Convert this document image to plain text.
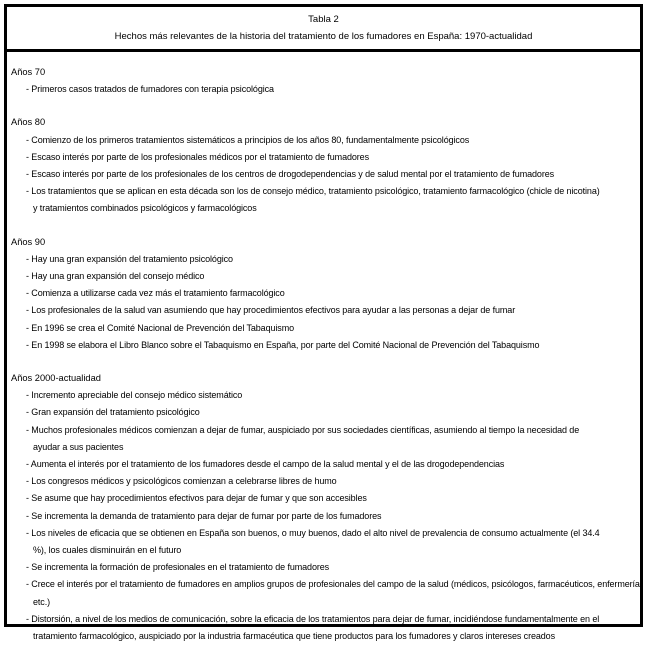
Tabla 2
Hechos más relevantes de la historia del tratamiento de los fumadores en España: 1970-actualidad
Años 70
- Primeros casos tratados de fumadores con terapia psicológica
Años 80
- Comienzo de los primeros tratamientos sistemáticos a principios de los años 80, fundamentalmente psicológicos
- Escaso interés por parte de los profesionales médicos por el tratamiento de fumadores
- Escaso interés por parte de los profesionales de los centros de drogodependencias y de salud mental por el tratamiento de fumadores
- Los tratamientos que se aplican en esta década son los de consejo médico, tratamiento psicológico, tratamiento farmacológico (chicle de nicotina) y tratamientos combinados psicológicos y farmacológicos
Años 90
- Hay una gran expansión del tratamiento psicológico
- Hay una gran expansión del consejo médico
- Comienza a utilizarse cada vez más el tratamiento farmacológico
- Los profesionales de la salud van asumiendo que hay procedimientos efectivos para ayudar a las personas a dejar de fumar
- En 1996 se crea el Comité Nacional de Prevención del Tabaquismo
- En 1998 se elabora el Libro Blanco sobre el Tabaquismo en España, por parte del Comité Nacional de Prevención del Tabaquismo
Años 2000-actualidad
- Incremento apreciable del consejo médico sistemático
- Gran expansión del tratamiento psicológico
- Muchos profesionales médicos comienzan a dejar de fumar, auspiciado por sus sociedades científicas, asumiendo al tiempo la necesidad de ayudar a sus pacientes
- Aumenta el interés por el tratamiento de los fumadores desde el campo de la salud mental y el de las drogodependencias
- Los congresos médicos y psicológicos comienzan a celebrarse libres de humo
- Se asume que hay procedimientos efectivos para dejar de fumar y que son accesibles
- Se incrementa la demanda de tratamiento para dejar de fumar por parte de los fumadores
- Los niveles de eficacia que se obtienen en España son buenos, o muy buenos, dado el alto nivel de prevalencia de consumo actualmente (el 34.4 %), los cuales disminuirán en el futuro
- Se incrementa la formación de profesionales en el tratamiento de fumadores
- Crece el interés por el tratamiento de fumadores en amplios grupos de profesionales del campo de la salud (médicos, psicólogos, farmacéuticos, enfermería, etc.)
- Distorsión, a nivel de los medios de comunicación, sobre la eficacia de los tratamientos para dejar de fumar, incidiéndose fundamentalmente en el tratamiento farmacológico, auspiciado por la industria farmacéutica que tiene productos para los fumadores y claros intereses creados
